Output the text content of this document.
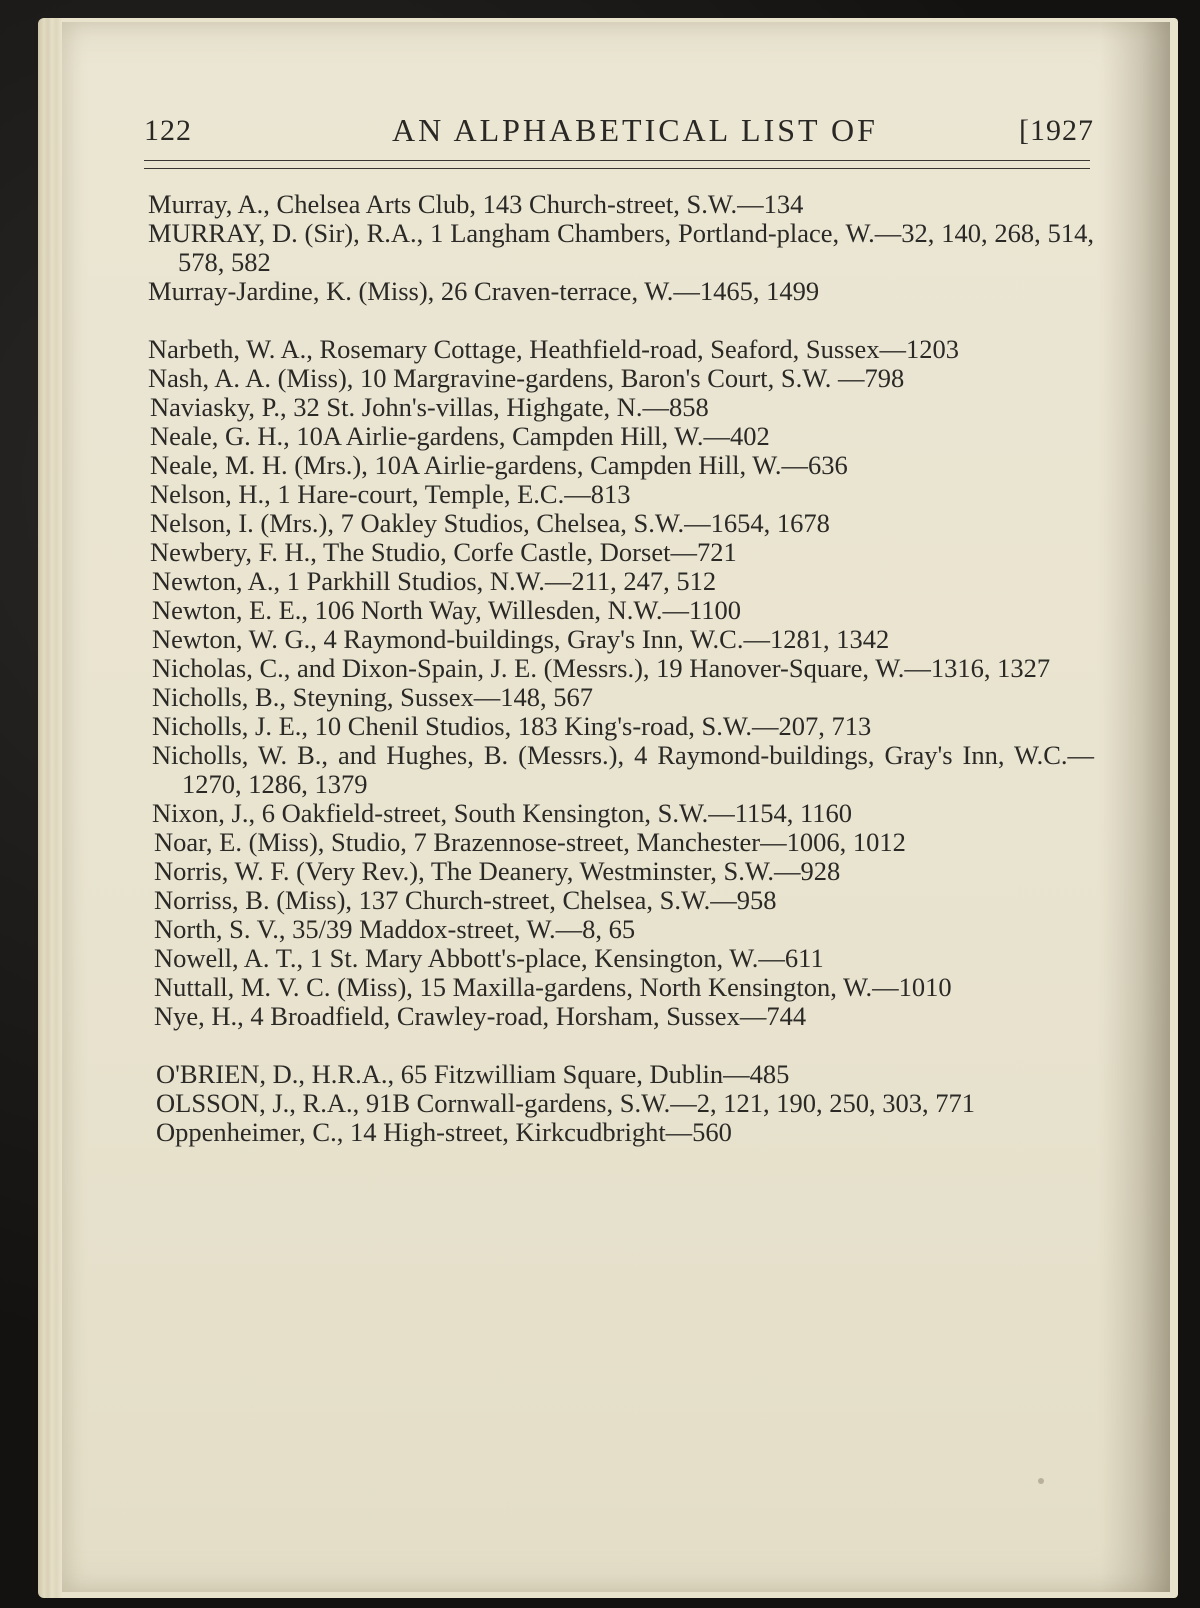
122	AN ALPHABETICAL LIST OF	[1927

Murray, A., Chelsea Arts Club, 143 Church-street, S.W.—134

MURRAY, D. (Sir), R.A., 1 Langham Chambers, Portland-place, W.—32, 140, 268, 514, 578, 582

Murray-Jardine, K. (Miss), 26 Craven-terrace, W.—1465, 1499

Narbeth, W. A., Rosemary Cottage, Heathfield-road, Seaford, Sussex—1203

Nash, A. A. (Miss), 10 Margravine-gardens, Baron's Court, S.W. —798

Naviasky, P., 32 St. John's-villas, Highgate, N.—858

Neale, G. H., 10A Airlie-gardens, Campden Hill, W.—402

Neale, M. H. (Mrs.), 10A Airlie-gardens, Campden Hill, W.—636

Nelson, H., 1 Hare-court, Temple, E.C.—813

Nelson, I. (Mrs.), 7 Oakley Studios, Chelsea, S.W.—1654, 1678

Newbery, F. H., The Studio, Corfe Castle, Dorset—721

Newton, A., 1 Parkhill Studios, N.W.—211, 247, 512

Newton, E. E., 106 North Way, Willesden, N.W.—1100

Newton, W. G., 4 Raymond-buildings, Gray's Inn, W.C.—1281, 1342

Nicholas, C., and Dixon-Spain, J. E. (Messrs.), 19 Hanover-Square, W.—1316, 1327

Nicholls, B., Steyning, Sussex—148, 567

Nicholls, J. E., 10 Chenil Studios, 183 King's-road, S.W.—207, 713

Nicholls, W. B., and Hughes, B. (Messrs.), 4 Raymond-buildings, Gray's Inn, W.C.—1270, 1286, 1379

Nixon, J., 6 Oakfield-street, South Kensington, S.W.—1154, 1160

Noar, E. (Miss), Studio, 7 Brazennose-street, Manchester—1006, 1012

Norris, W. F. (Very Rev.), The Deanery, Westminster, S.W.—928

Norriss, B. (Miss), 137 Church-street, Chelsea, S.W.—958

North, S. V., 35/39 Maddox-street, W.—8, 65

Nowell, A. T., 1 St. Mary Abbott's-place, Kensington, W.—611

Nuttall, M. V. C. (Miss), 15 Maxilla-gardens, North Kensington, W.—1010

Nye, H., 4 Broadfield, Crawley-road, Horsham, Sussex—744

O'BRIEN, D., H.R.A., 65 Fitzwilliam Square, Dublin—485

OLSSON, J., R.A., 91B Cornwall-gardens, S.W.—2, 121, 190, 250, 303, 771

Oppenheimer, C., 14 High-street, Kirkcudbright—560
